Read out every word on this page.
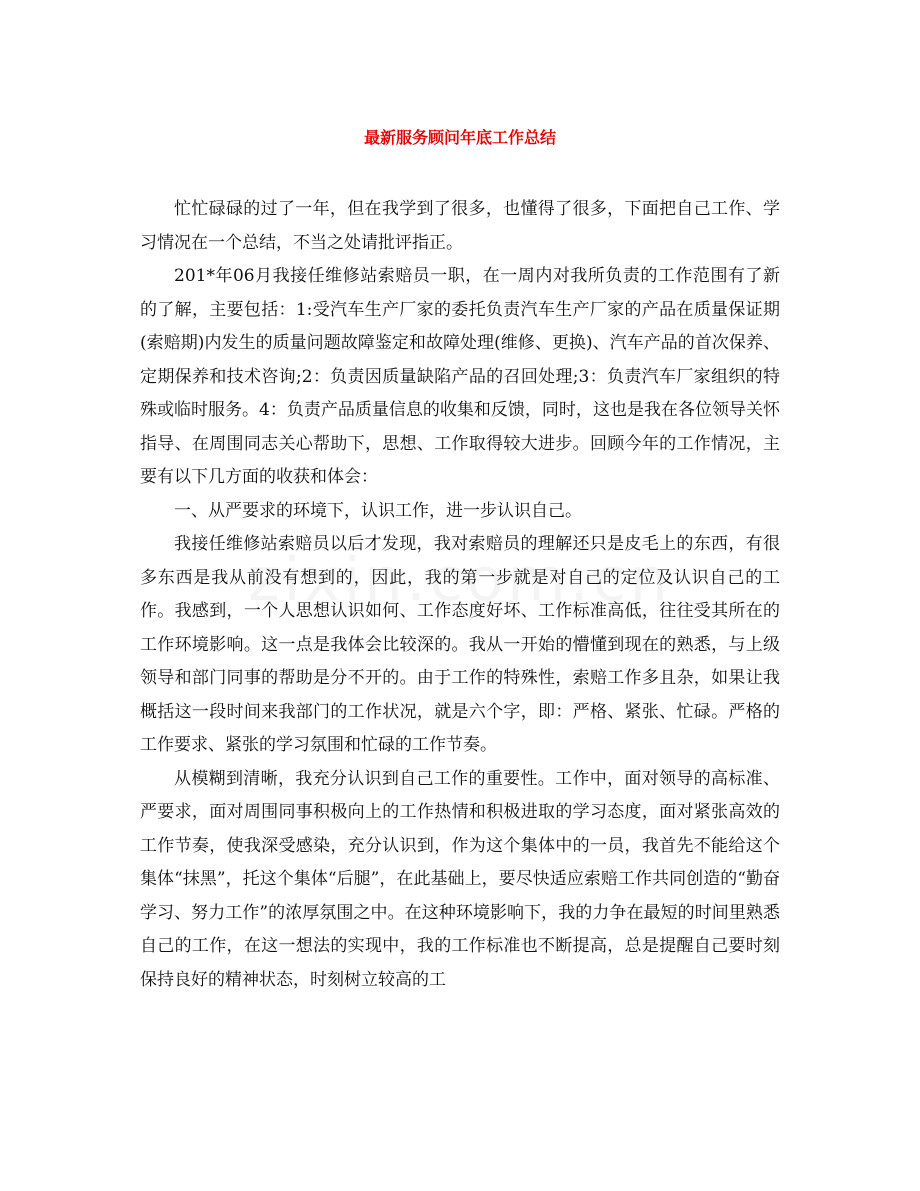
最新服务顾问年底工作总结

忙忙碌碌的过了一年，但在我学到了很多，也懂得了很多，下面把自己工作、学习情况在一个总结，不当之处请批评指正。

201*年06月我接任维修站索赔员一职，在一周内对我所负责的工作范围有了新的了解，主要包括：1:受汽车生产厂家的委托负责汽车生产厂家的产品在质量保证期(索赔期)内发生的质量问题故障鉴定和故障处理(维修、更换)、汽车产品的首次保养、定期保养和技术咨询;2：负责因质量缺陷产品的召回处理;3：负责汽车厂家组织的特殊或临时服务。4：负责产品质量信息的收集和反馈，同时，这也是我在各位领导关怀指导、在周围同志关心帮助下，思想、工作取得较大进步。回顾今年的工作情况，主要有以下几方面的收获和体会：

一、从严要求的环境下，认识工作，进一步认识自己。

我接任维修站索赔员以后才发现，我对索赔员的理解还只是皮毛上的东西，有很多东西是我从前没有想到的，因此，我的第一步就是对自己的定位及认识自己的工作。我感到，一个人思想认识如何、工作态度好坏、工作标准高低，往往受其所在的工作环境影响。这一点是我体会比较深的。我从一开始的懵懂到现在的熟悉，与上级领导和部门同事的帮助是分不开的。由于工作的特殊性，索赔工作多且杂，如果让我概括这一段时间来我部门的工作状况，就是六个字，即：严格、紧张、忙碌。严格的工作要求、紧张的学习氛围和忙碌的工作节奏。

从模糊到清晰，我充分认识到自己工作的重要性。工作中，面对领导的高标准、严要求，面对周围同事积极向上的工作热情和积极进取的学习态度，面对紧张高效的工作节奏，使我深受感染，充分认识到，作为这个集体中的一员，我首先不能给这个集体“抹黑”，托这个集体“后腿”，在此基础上，要尽快适应索赔工作共同创造的“勤奋学习、努力工作”的浓厚氛围之中。在这种环境影响下，我的力争在最短的时间里熟悉自己的工作，在这一想法的实现中，我的工作标准也不断提高，总是提醒自己要时刻保持良好的精神状态，时刻树立较高的工
